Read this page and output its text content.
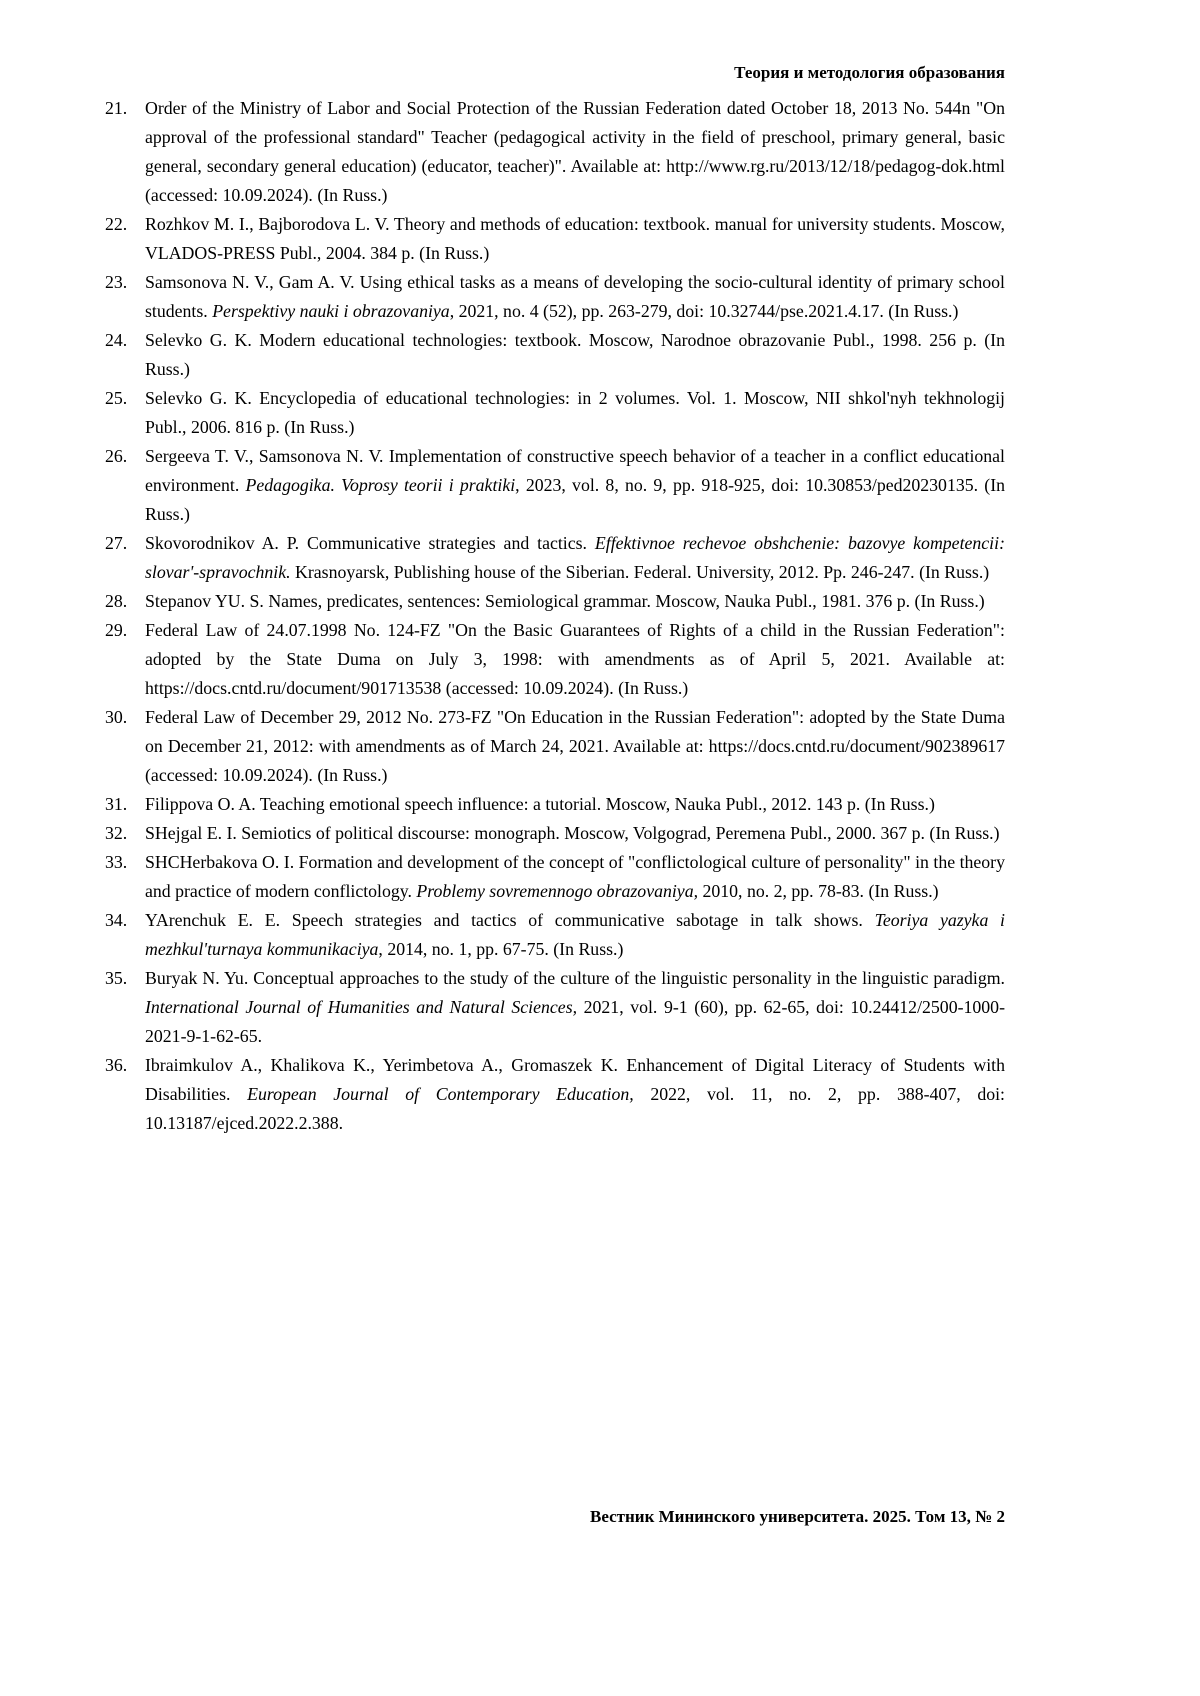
Теория и методология образования
21. Order of the Ministry of Labor and Social Protection of the Russian Federation dated October 18, 2013 No. 544n "On approval of the professional standard" Teacher (pedagogical activity in the field of preschool, primary general, basic general, secondary general education) (educator, teacher)". Available at: http://www.rg.ru/2013/12/18/pedagog-dok.html (accessed: 10.09.2024). (In Russ.)
22. Rozhkov M. I., Bajborodova L. V. Theory and methods of education: textbook. manual for university students. Moscow, VLADOS-PRESS Publ., 2004. 384 p. (In Russ.)
23. Samsonova N. V., Gam A. V. Using ethical tasks as a means of developing the socio-cultural identity of primary school students. Perspektivy nauki i obrazovaniya, 2021, no. 4 (52), pp. 263-279, doi: 10.32744/pse.2021.4.17. (In Russ.)
24. Selevko G. K. Modern educational technologies: textbook. Moscow, Narodnoe obrazovanie Publ., 1998. 256 p. (In Russ.)
25. Selevko G. K. Encyclopedia of educational technologies: in 2 volumes. Vol. 1. Moscow, NII shkol'nyh tekhnologij Publ., 2006. 816 p. (In Russ.)
26. Sergeeva T. V., Samsonova N. V. Implementation of constructive speech behavior of a teacher in a conflict educational environment. Pedagogika. Voprosy teorii i praktiki, 2023, vol. 8, no. 9, pp. 918-925, doi: 10.30853/ped20230135. (In Russ.)
27. Skovorodnikov A. P. Communicative strategies and tactics. Effektivnoe rechevoe obshchenie: bazovye kompetencii: slovar'-spravochnik. Krasnoyarsk, Publishing house of the Siberian. Federal. University, 2012. Pp. 246-247. (In Russ.)
28. Stepanov YU. S. Names, predicates, sentences: Semiological grammar. Moscow, Nauka Publ., 1981. 376 p. (In Russ.)
29. Federal Law of 24.07.1998 No. 124-FZ "On the Basic Guarantees of Rights of a child in the Russian Federation": adopted by the State Duma on July 3, 1998: with amendments as of April 5, 2021. Available at: https://docs.cntd.ru/document/901713538 (accessed: 10.09.2024). (In Russ.)
30. Federal Law of December 29, 2012 No. 273-FZ "On Education in the Russian Federation": adopted by the State Duma on December 21, 2012: with amendments as of March 24, 2021. Available at: https://docs.cntd.ru/document/902389617 (accessed: 10.09.2024). (In Russ.)
31. Filippova O. A. Teaching emotional speech influence: a tutorial. Moscow, Nauka Publ., 2012. 143 p. (In Russ.)
32. SHejgal E. I. Semiotics of political discourse: monograph. Moscow, Volgograd, Peremena Publ., 2000. 367 p. (In Russ.)
33. SHCHerbakova O. I. Formation and development of the concept of "conflictological culture of personality" in the theory and practice of modern conflictology. Problemy sovremennogo obrazovaniya, 2010, no. 2, pp. 78-83. (In Russ.)
34. YArenchuk E. E. Speech strategies and tactics of communicative sabotage in talk shows. Teoriya yazyka i mezhkul'turnaya kommunikaciya, 2014, no. 1, pp. 67-75. (In Russ.)
35. Buryak N. Yu. Conceptual approaches to the study of the culture of the linguistic personality in the linguistic paradigm. International Journal of Humanities and Natural Sciences, 2021, vol. 9-1 (60), pp. 62-65, doi: 10.24412/2500-1000-2021-9-1-62-65.
36. Ibraimkulov A., Khalikova K., Yerimbetova A., Gromaszek K. Enhancement of Digital Literacy of Students with Disabilities. European Journal of Contemporary Education, 2022, vol. 11, no. 2, pp. 388-407, doi: 10.13187/ejced.2022.2.388.
Вестник Мининского университета. 2025. Том 13, № 2
